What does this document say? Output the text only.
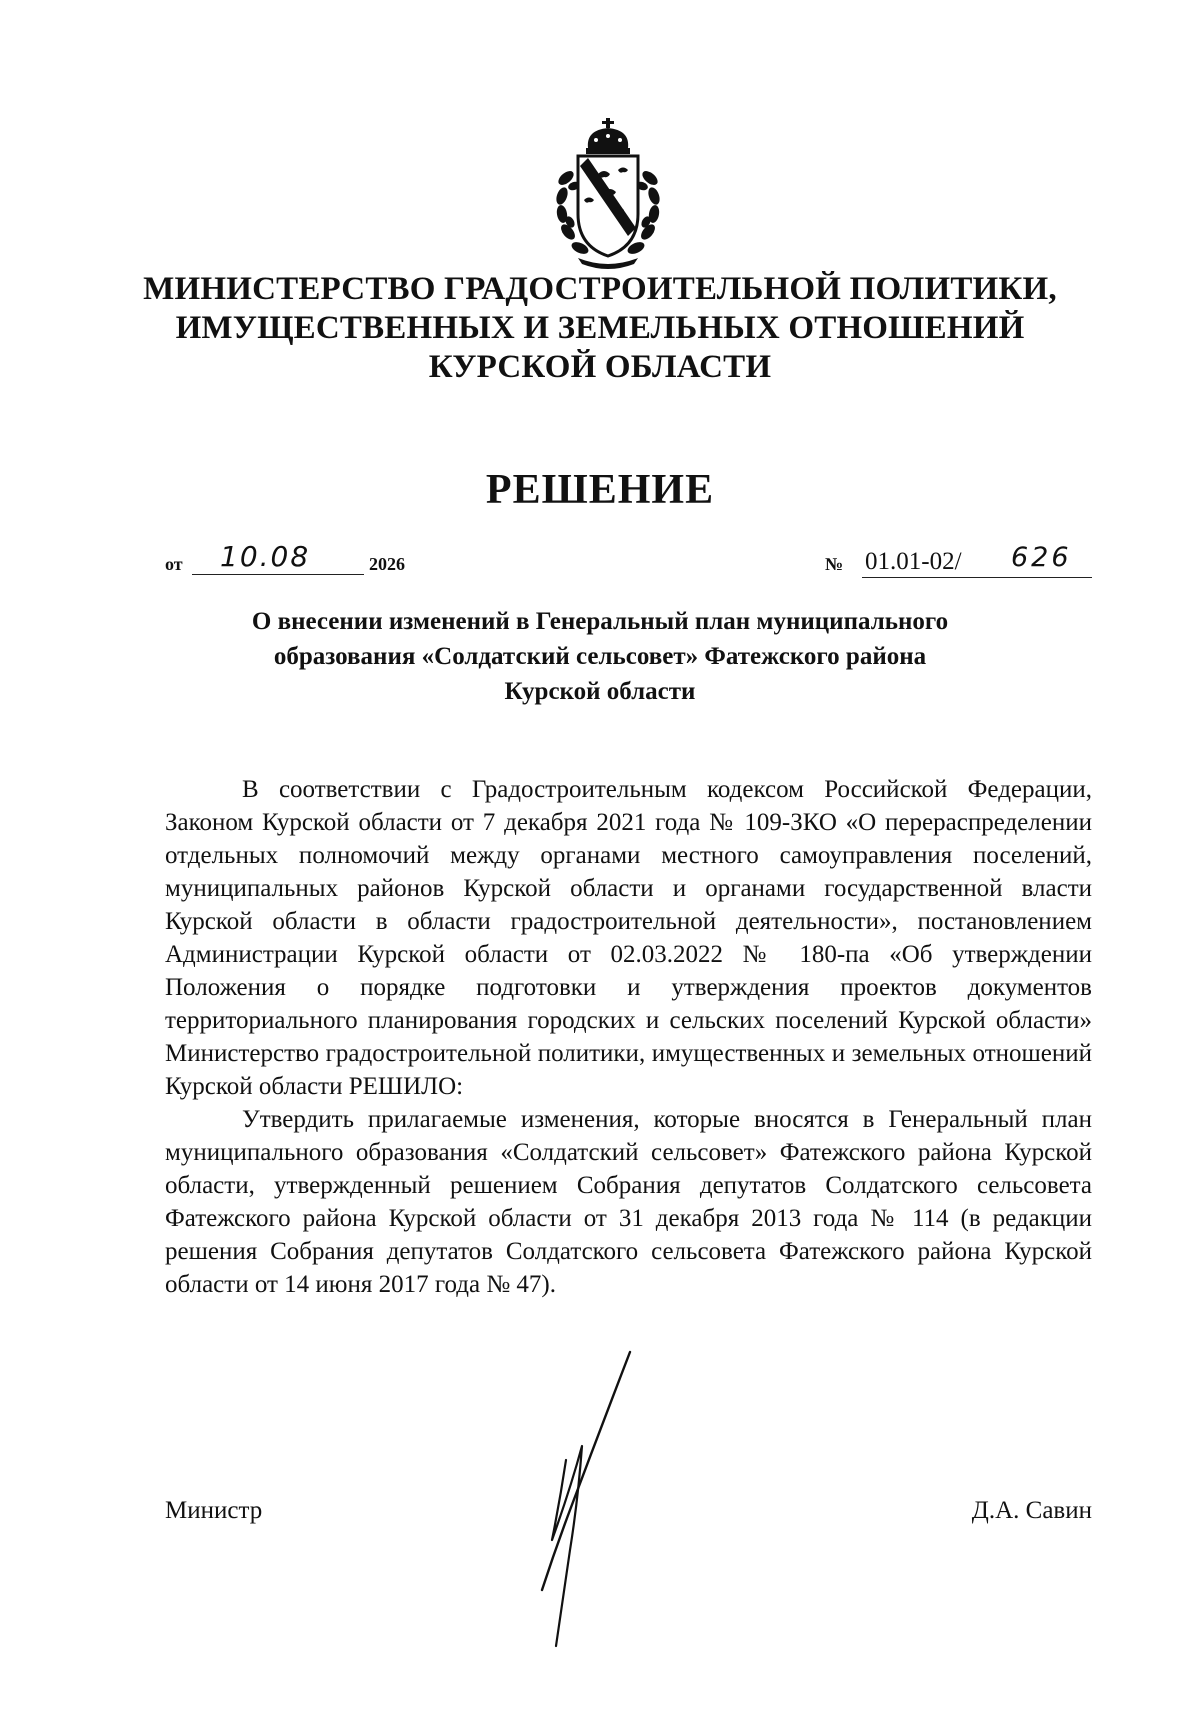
МИНИСТЕРСТВО ГРАДОСТРОИТЕЛЬНОЙ ПОЛИТИКИ,
ИМУЩЕСТВЕННЫХ И ЗЕМЕЛЬНЫХ ОТНОШЕНИЙ
КУРСКОЙ ОБЛАСТИ
РЕШЕНИЕ
от 10.08	2026	№ 01.01-02/ 626
О внесении изменений в Генеральный план муниципального
образования «Солдатский сельсовет» Фатежского района
Курской области

В соответствии с Градостроительным кодексом Российской Федерации, Законом Курской области от 7 декабря 2021 года № 109-ЗКО «О перераспределении отдельных полномочий между органами местного самоуправления поселений, муниципальных районов Курской области и органами государственной власти Курской области в области градостроительной деятельности», постановлением Администрации Курской области от 02.03.2022 № 180-па «Об утверждении Положения о порядке подготовки и утверждения проектов документов территориального планирования городских и сельских поселений Курской области» Министерство градостроительной политики, имущественных и земельных отношений Курской области РЕШИЛО:

Утвердить прилагаемые изменения, которые вносятся в Генеральный план муниципального образования «Солдатский сельсовет» Фатежского района Курской области, утвержденный решением Собрания депутатов Солдатского сельсовета Фатежского района Курской области от 31 декабря 2013 года № 114 (в редакции решения Собрания депутатов Солдатского сельсовета Фатежского района Курской области от 14 июня 2017 года № 47).

Министр	Д.А. Савин
